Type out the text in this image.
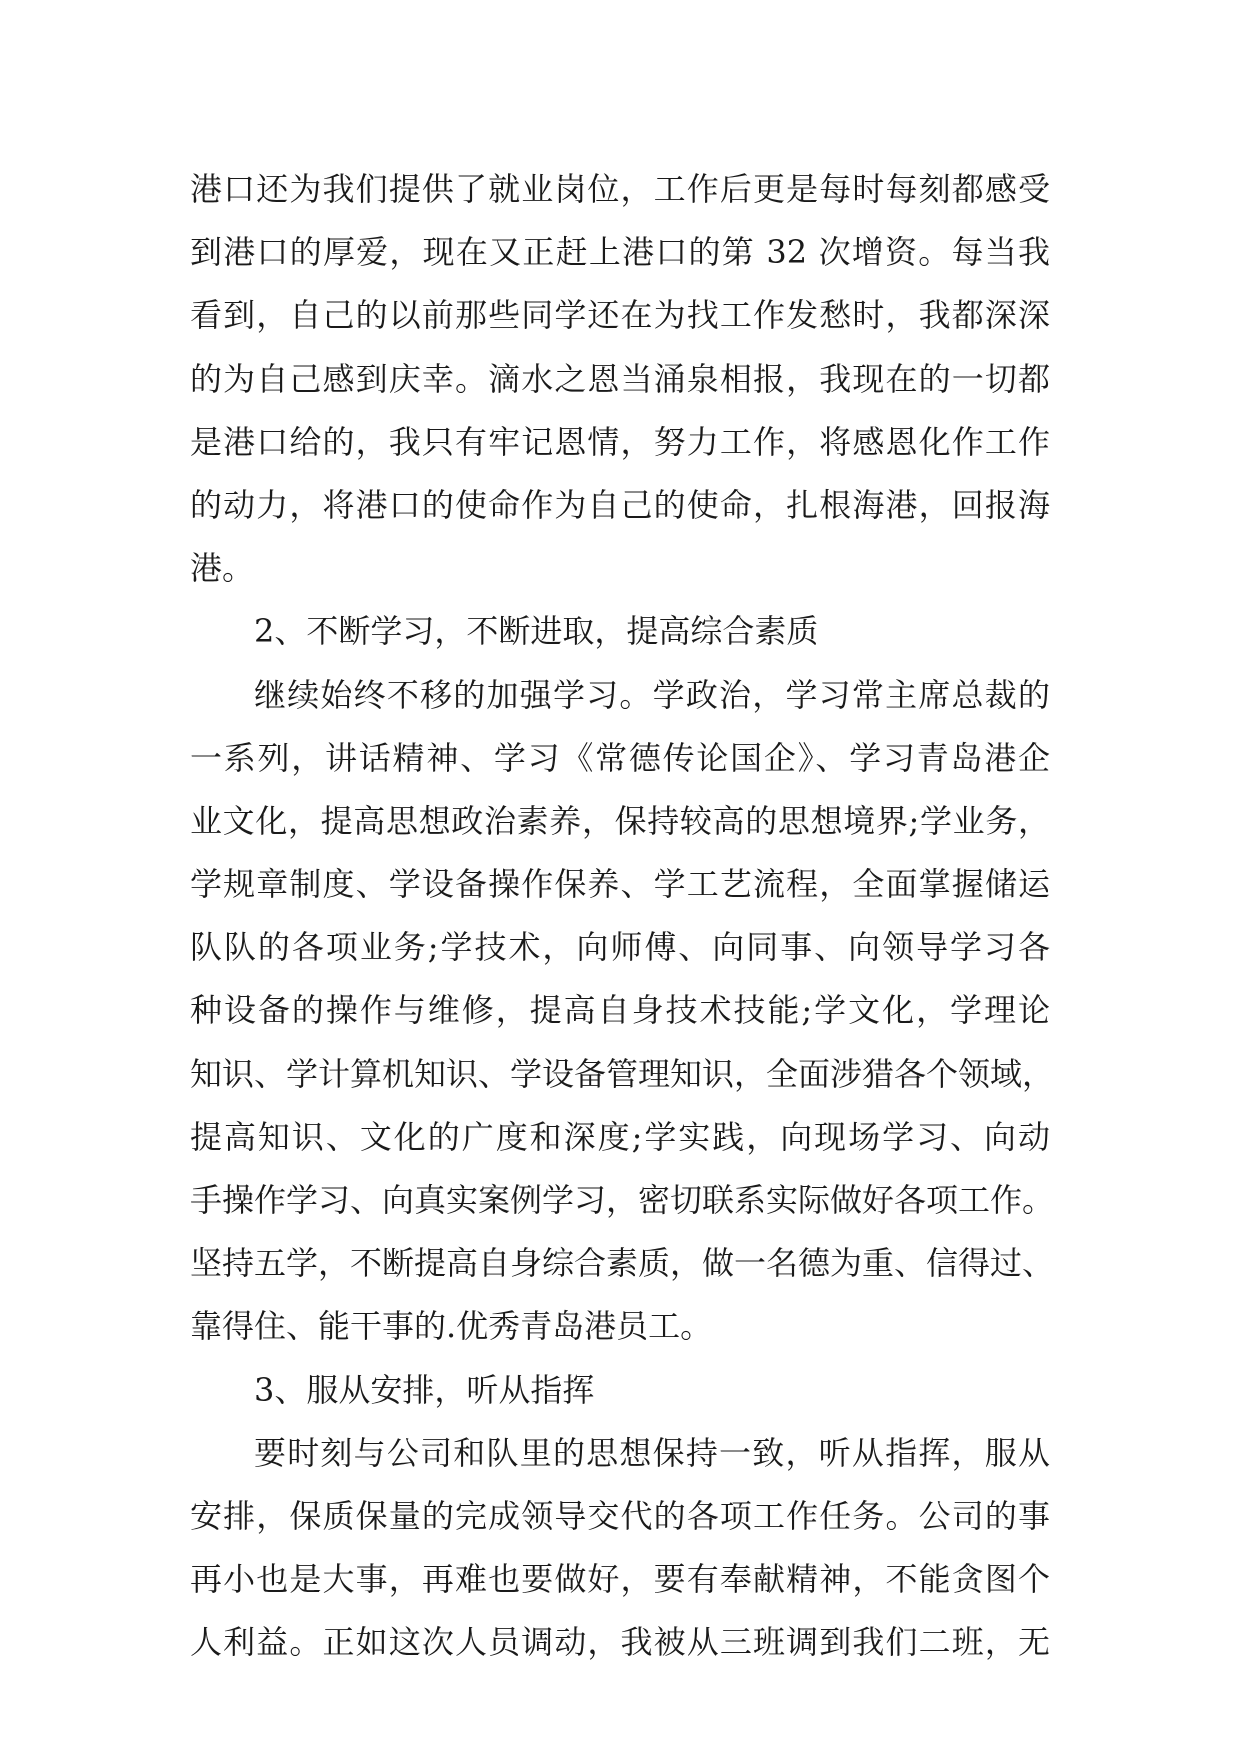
港口还为我们提供了就业岗位，工作后更是每时每刻都感受
到港口的厚爱，现在又正赶上港口的第 32 次增资。每当我
看到，自己的以前那些同学还在为找工作发愁时，我都深深
的为自己感到庆幸。滴水之恩当涌泉相报，我现在的一切都
是港口给的，我只有牢记恩情，努力工作，将感恩化作工作
的动力，将港口的使命作为自己的使命，扎根海港，回报海
港。
2、不断学习，不断进取，提高综合素质
继续始终不移的加强学习。学政治，学习常主席总裁的
一系列，讲话精神、学习《常德传论国企》、学习青岛港企
业文化，提高思想政治素养，保持较高的思想境界;学业务，
学规章制度、学设备操作保养、学工艺流程，全面掌握储运
队队的各项业务;学技术，向师傅、向同事、向领导学习各
种设备的操作与维修，提高自身技术技能;学文化，学理论
知识、学计算机知识、学设备管理知识，全面涉猎各个领域，
提高知识、文化的广度和深度;学实践，向现场学习、向动
手操作学习、向真实案例学习，密切联系实际做好各项工作。
坚持五学，不断提高自身综合素质，做一名德为重、信得过、
靠得住、能干事的.优秀青岛港员工。
3、服从安排，听从指挥
要时刻与公司和队里的思想保持一致，听从指挥，服从
安排，保质保量的完成领导交代的各项工作任务。公司的事
再小也是大事，再难也要做好，要有奉献精神，不能贪图个
人利益。正如这次人员调动，我被从三班调到我们二班，无
